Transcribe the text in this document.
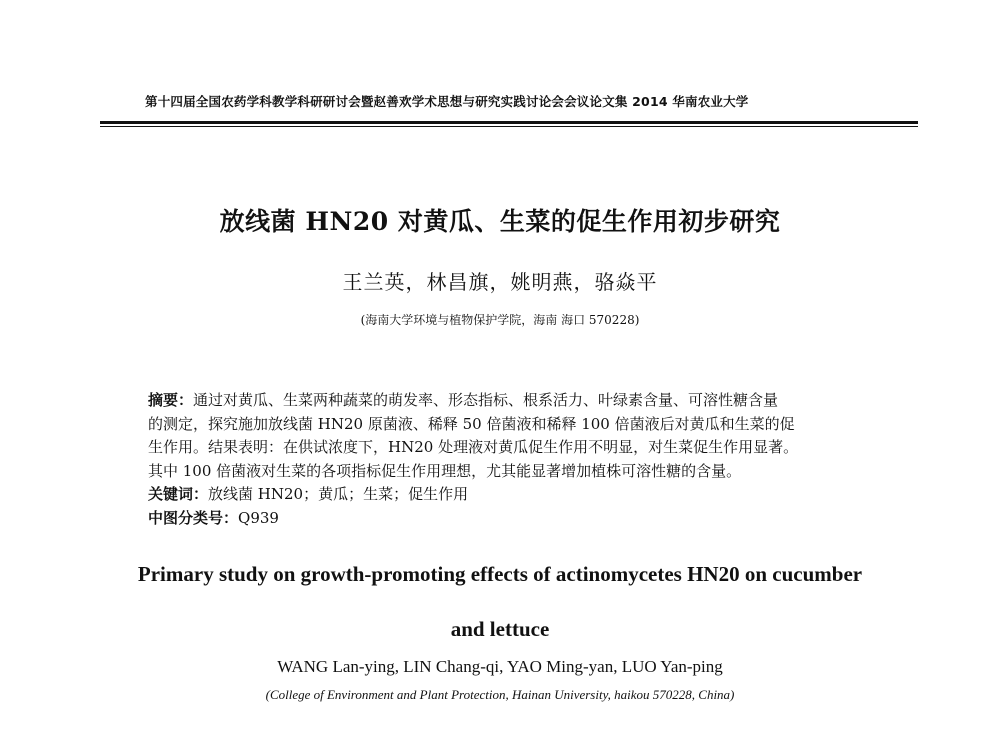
第十四届全国农药学科教学科研研讨会暨赵善欢学术思想与研究实践讨论会会议论文集 2014 华南农业大学
放线菌 HN20 对黄瓜、生菜的促生作用初步研究
王兰英，林昌旗，姚明燕，骆焱平
(海南大学环境与植物保护学院，海南 海口 570228)
摘要：通过对黄瓜、生菜两种蔬菜的萌发率、形态指标、根系活力、叶绿素含量、可溶性糖含量
的测定，探究施加放线菌 HN20 原菌液、稀释 50 倍菌液和稀释 100 倍菌液后对黄瓜和生菜的促
生作用。结果表明：在供试浓度下，HN20 处理液对黄瓜促生作用不明显，对生菜促生作用显著。
其中 100 倍菌液对生菜的各项指标促生作用理想，尤其能显著增加植株可溶性糖的含量。
关键词：放线菌 HN20；黄瓜；生菜；促生作用
中图分类号：Q939
Primary study on growth-promoting effects of actinomycetes HN20 on cucumber
and lettuce
WANG Lan-ying, LIN Chang-qi, YAO Ming-yan, LUO Yan-ping
(College of Environment and Plant Protection, Hainan University, haikou 570228, China)
